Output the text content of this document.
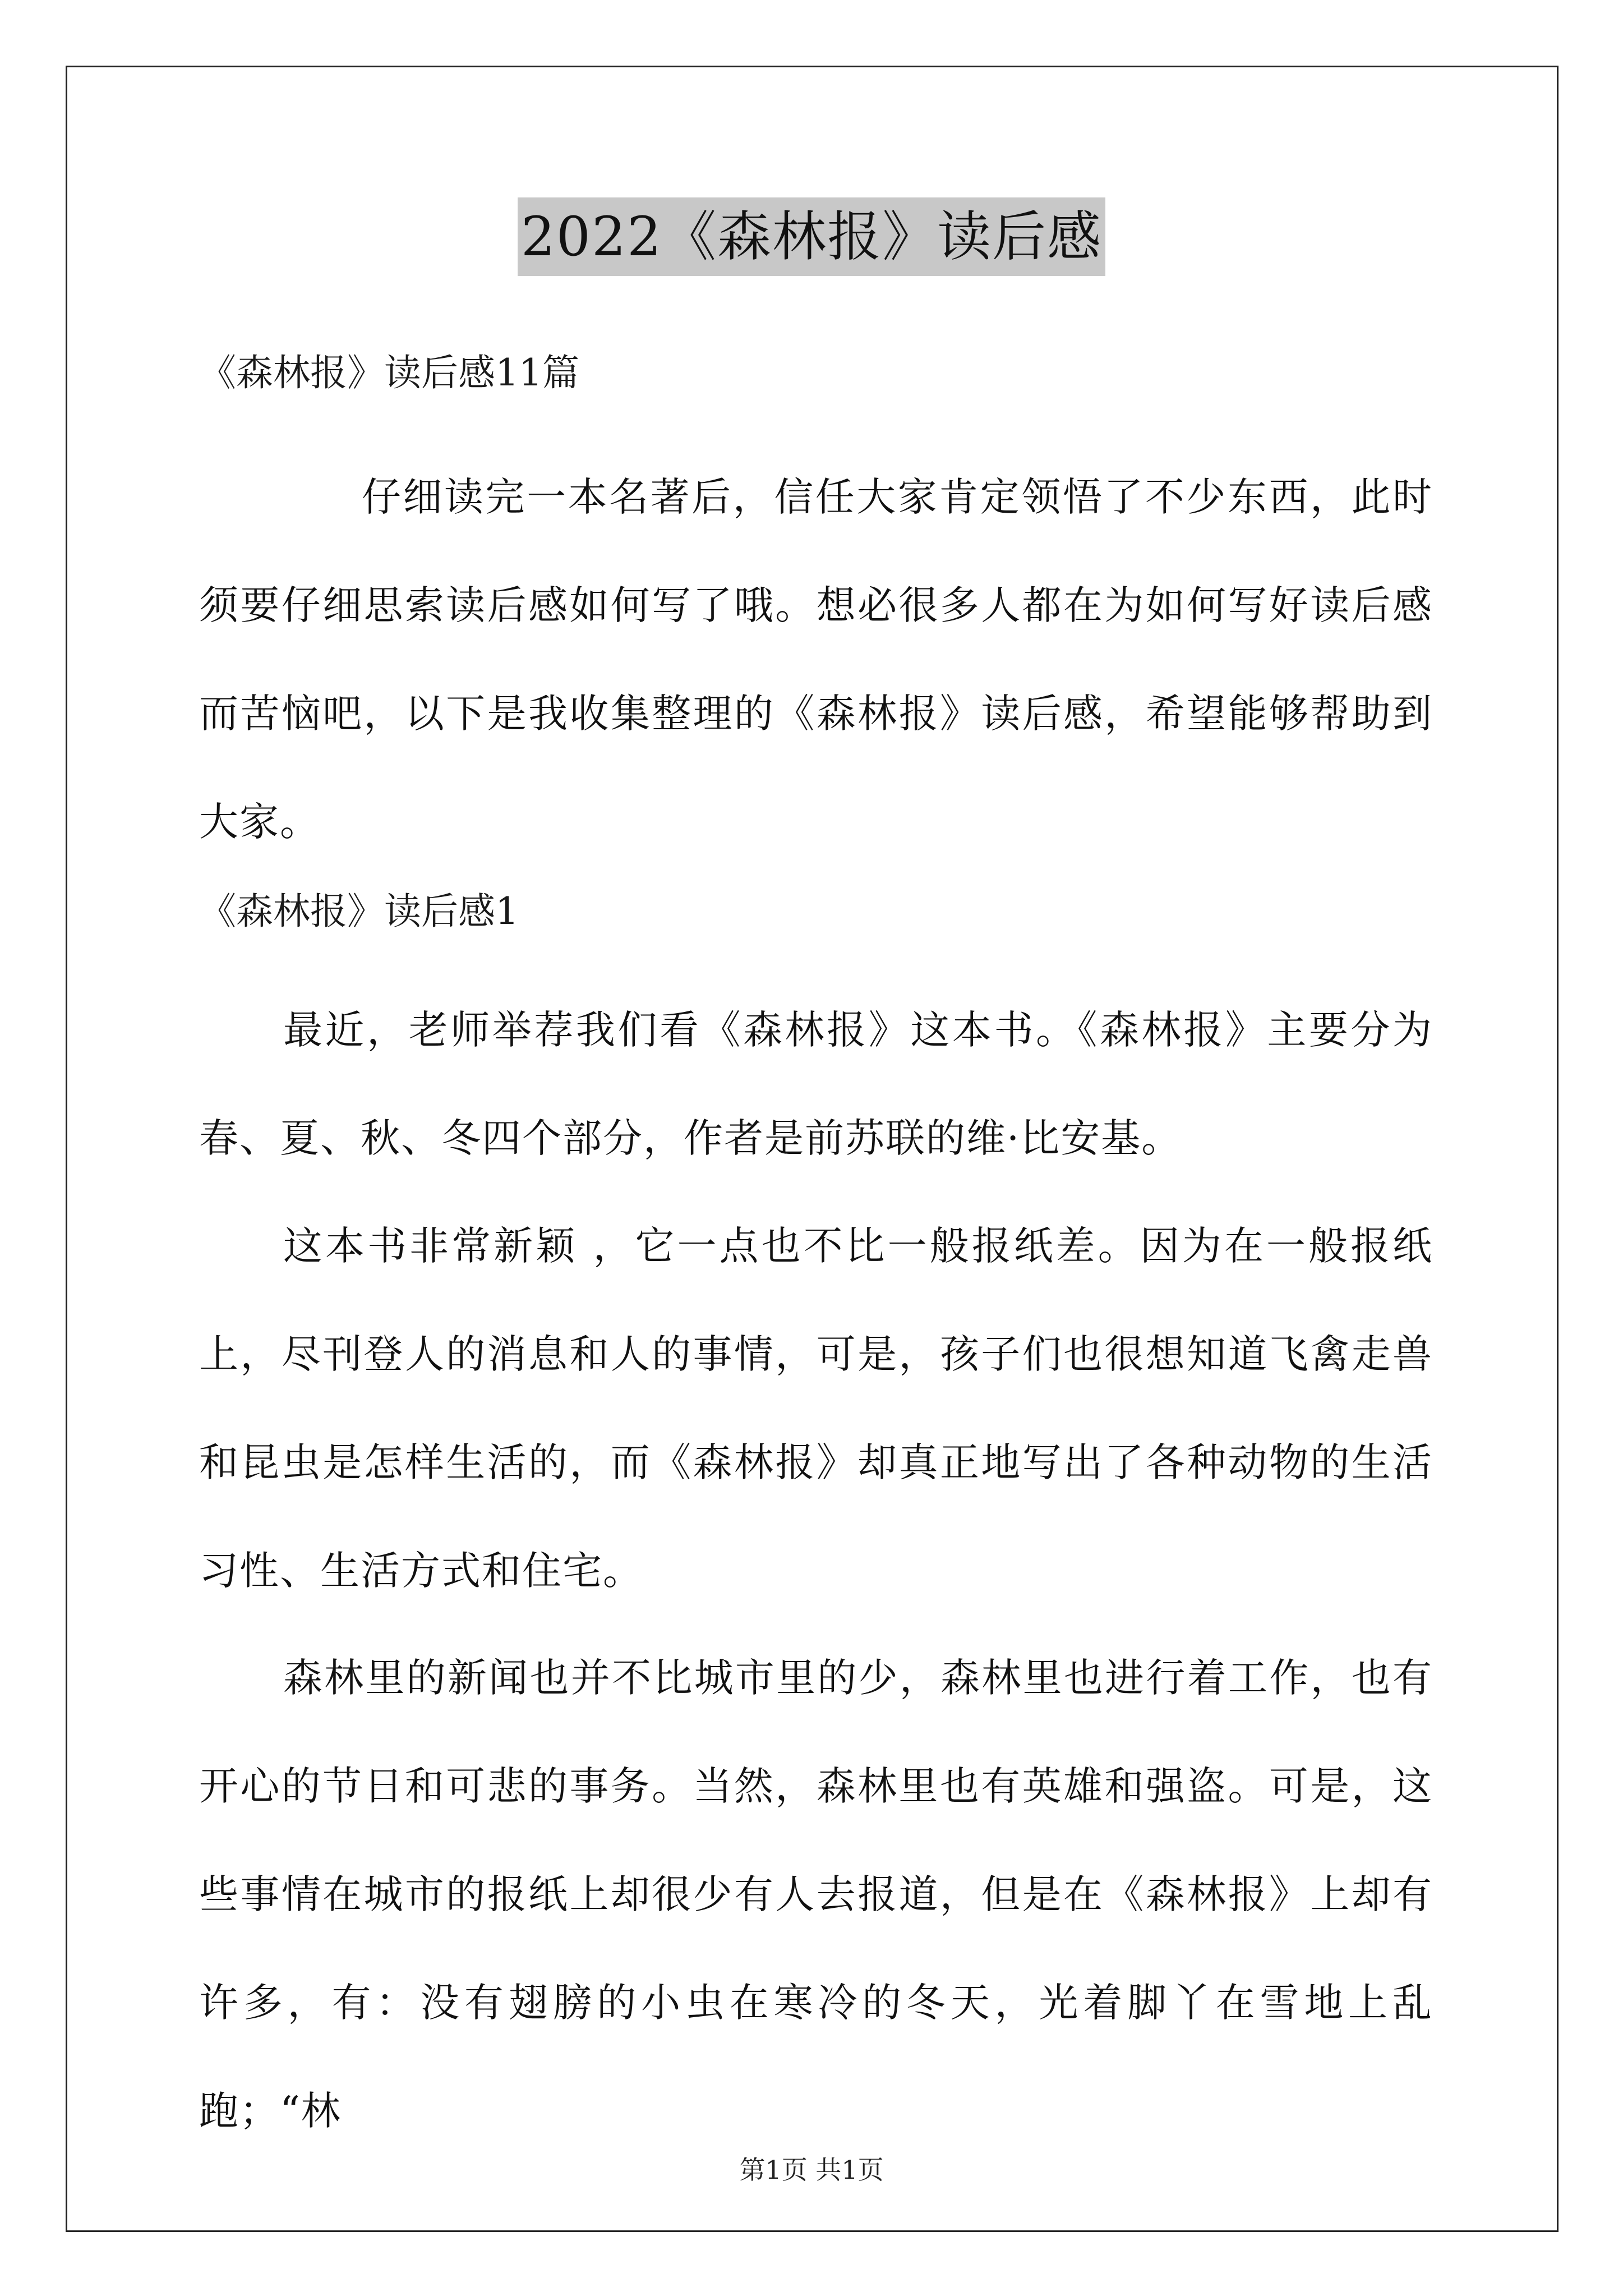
2022《森林报》读后感
《森林报》读后感11篇

仔细读完一本名著后，信任大家肯定领悟了不少东西，此时须要仔细思索读后感如何写了哦。想必很多人都在为如何写好读后感而苦恼吧，以下是我收集整理的《森林报》读后感，希望能够帮助到大家。

《森林报》读后感1

最近，老师举荐我们看《森林报》这本书。《森林报》主要分为春、夏、秋、冬四个部分，作者是前苏联的维·比安基。

这本书非常新颖 ，它一点也不比一般报纸差。因为在一般报纸上，尽刊登人的消息和人的事情，可是，孩子们也很想知道飞禽走兽和昆虫是怎样生活的，而《森林报》却真正地写出了各种动物的生活习性、生活方式和住宅。

森林里的新闻也并不比城市里的少，森林里也进行着工作，也有开心的节日和可悲的事务。当然，森林里也有英雄和强盗。可是，这些事情在城市的报纸上却很少有人去报道，但是在《森林报》上却有许多，有：没有翅膀的小虫在寒冷的冬天，光着脚丫在雪地上乱跑；“林

第1页 共1页
